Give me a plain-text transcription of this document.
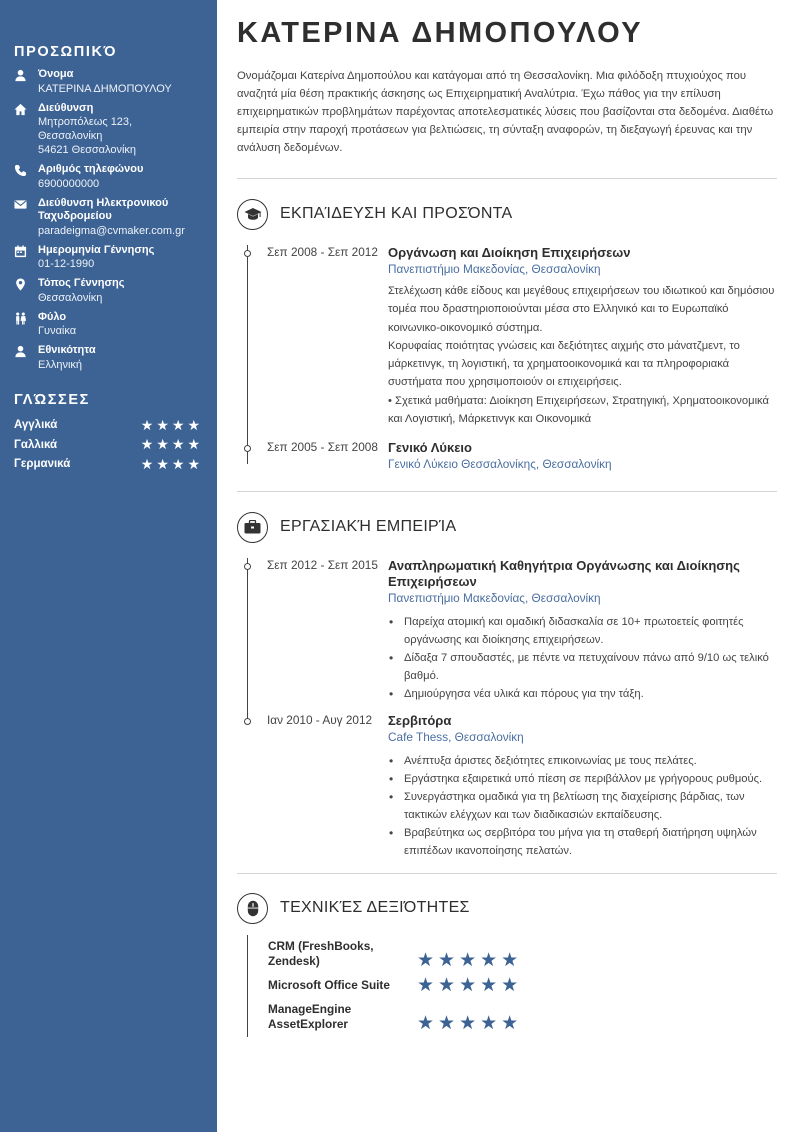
ΠΡΟΣΩΠΙΚΌ
Όνομα
ΚΑΤΕΡΙΝΑ ΔΗΜΟΠΟΥΛΟΥ
Διεύθυνση
Μητροπόλεως 123,
Θεσσαλονίκη
54621 Θεσσαλονίκη
Αριθμός τηλεφώνου
6900000000
Διεύθυνση Ηλεκτρονικού Ταχυδρομείου
paradeigma@cvmaker.com.gr
Ημερομηνία Γέννησης
01-12-1990
Τόπος Γέννησης
Θεσσαλονίκη
Φύλο
Γυναίκα
Εθνικότητα
Ελληνική
ΓΛΏΣΣΕΣ
Αγγλικά	★★★★
Γαλλικά	★★★★
Γερμανικά	★★★★
ΚΑΤΕΡΙΝΑ ΔΗΜΟΠΟΥΛΟΥ
Ονομάζομαι Κατερίνα Δημοπούλου και κατάγομαι από τη Θεσσαλονίκη. Μια φιλόδοξη πτυχιούχος που αναζητά μία θέση πρακτικής άσκησης ως Επιχειρηματική Αναλύτρια. Έχω πάθος για την επίλυση επιχειρηματικών προβλημάτων παρέχοντας αποτελεσματικές λύσεις που βασίζονται στα δεδομένα. Διαθέτω εμπειρία στην παροχή προτάσεων για βελτιώσεις, τη σύνταξη αναφορών, τη διεξαγωγή έρευνας και την ανάλυση δεδομένων.
ΕΚΠΑΊΔΕΥΣΗ ΚΑΙ ΠΡΟΣΌΝΤΑ
Σεπ 2008 - Σεπ 2012 Οργάνωση και Διοίκηση Επιχειρήσεων
Πανεπιστήμιο Μακεδονίας, Θεσσαλονίκη
Στελέχωση κάθε είδους και μεγέθους επιχειρήσεων του ιδιωτικού και δημόσιου τομέα που δραστηριοποιούνται μέσα στο Ελληνικό και το Ευρωπαϊκό κοινωνικο-οικονομικό σύστημα.
Κορυφαίας ποιότητας γνώσεις και δεξιότητες αιχμής στο μάνατζμεντ, το μάρκετινγκ, τη λογιστική, τα χρηματοοικονομικά και τα πληροφοριακά συστήματα που χρησιμοποιούν οι επιχειρήσεις.
• Σχετικά μαθήματα: Διοίκηση Επιχειρήσεων, Στρατηγική, Χρηματοοικονομικά και Λογιστική, Μάρκετινγκ και Οικονομικά
Σεπ 2005 - Σεπ 2008 Γενικό Λύκειο
Γενικό Λύκειο Θεσσαλονίκης, Θεσσαλονίκη
ΕΡΓΑΣΙΑΚΉ ΕΜΠΕΙΡΊΑ
Σεπ 2012 - Σεπ 2015 Αναπληρωματική Καθηγήτρια Οργάνωσης και Διοίκησης Επιχειρήσεων
Πανεπιστήμιο Μακεδονίας, Θεσσαλονίκη
• Παρείχα ατομική και ομαδική διδασκαλία σε 10+ πρωτοετείς φοιτητές οργάνωσης και διοίκησης επιχειρήσεων.
• Δίδαξα 7 σπουδαστές, με πέντε να πετυχαίνουν πάνω από 9/10 ως τελικό βαθμό.
• Δημιούργησα νέα υλικά και πόρους για την τάξη.
Ιαν 2010 - Αυγ 2012	Σερβιτόρα
Cafe Thess, Θεσσαλονίκη
• Ανέπτυξα άριστες δεξιότητες επικοινωνίας με τους πελάτες.
• Εργάστηκα εξαιρετικά υπό πίεση σε περιβάλλον με γρήγορους ρυθμούς.
• Συνεργάστηκα ομαδικά για τη βελτίωση της διαχείρισης βάρδιας, των τακτικών ελέγχων και των διαδικασιών εκπαίδευσης.
• Βραβεύτηκα ως σερβιτόρα του μήνα για τη σταθερή διατήρηση υψηλών επιπέδων ικανοποίησης πελατών.
ΤΕΧΝΙΚΈΣ ΔΕΞΙΌΤΗΤΕΣ
CRM (FreshBooks, Zendesk)	★★★★★
Microsoft Office Suite	★★★★★
ManageEngine AssetExplorer	★★★★★
